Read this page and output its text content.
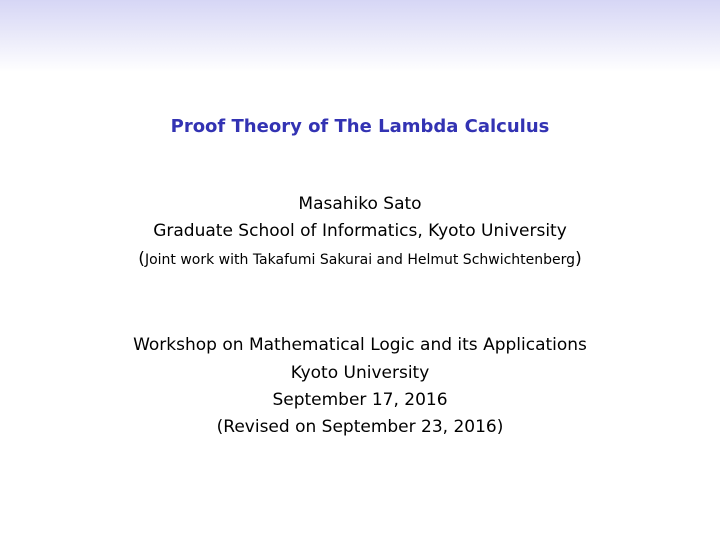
Proof Theory of The Lambda Calculus
Masahiko Sato
Graduate School of Informatics, Kyoto University
(Joint work with Takafumi Sakurai and Helmut Schwichtenberg)
Workshop on Mathematical Logic and its Applications
Kyoto University
September 17, 2016
(Revised on September 23, 2016)
